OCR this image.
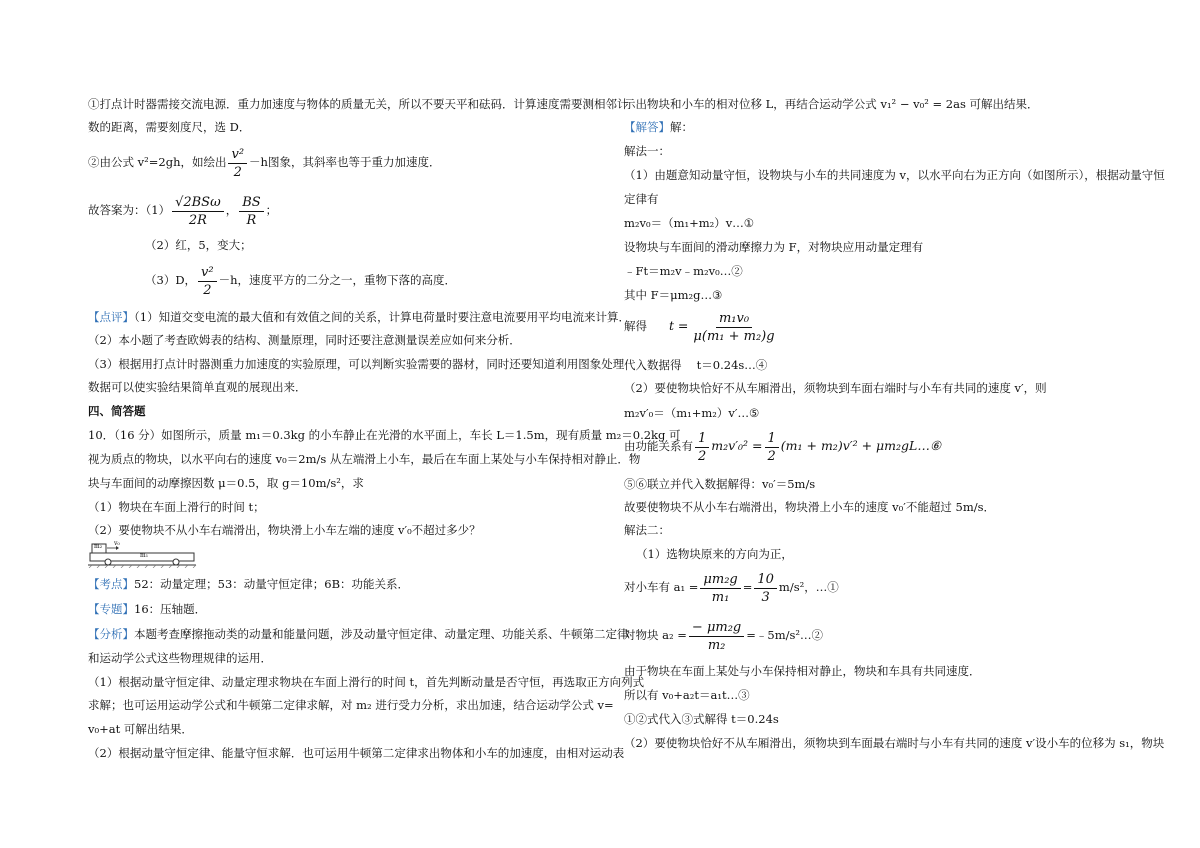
①打点计时器需接交流电源．重力加速度与物体的质量无关，所以不要天平和砝码．计算速度需要测相邻计
数的距离，需要刻度尺，选 D．
②由公式 v²=2gh，如绘出 $\frac{\text{v²}}{2} -h$图象，其斜率也等于重力加速度．
故答案为：$(1) \frac{\text{√2BSω}}{2R}$ ， $\frac{BS}{R}$ ；
（2）红，5，变大；
（3）D， $\frac{\text{v²}}{2} -h$，速度平方的二分之一，重物下落的高度．
【点评】（1）知道交变电流的最大值和有效值之间的关系，计算电荷量时要注意电流要用平均电流来计算．
（2）本小题了考查欧姆表的结构、测量原理，同时还要注意测量误差应如何来分析．
（3）根据用打点计时器测重力加速度的实验原理，可以判断实验需要的器材，同时还要知道利用图象处理
数据可以使实验结果简单直观的展现出来．
四、简答题
10．（16 分）如图所示，质量 m₁＝0.3kg 的小车静止在光滑的水平面上，车长 L＝1.5m，现有质量 m₂＝0.2kg 可
视为质点的物块，以水平向右的速度 v₀＝2m/s 从左端滑上小车，最后在车面上某处与小车保持相对静止．物
块与车面间的动摩擦因数 μ＝0.5，取 g＝10m/s²，求
（1）物块在车面上滑行的时间 t；
（2）要使物块不从小车右端滑出，物块滑上小车左端的速度 v′₀不超过多少？
m₂ v₀
m₁
【考点】52：动量定理；53：动量守恒定律；6B：功能关系．
【专题】16：压轴题．
【分析】本题考查摩擦拖动类的动量和能量问题，涉及动量守恒定律、动量定理、功能关系、牛顿第二定律
和运动学公式这些物理规律的运用．
（1）根据动量守恒定律、动量定理求物块在车面上滑行的时间 t，首先判断动量是否守恒，再选取正方向列式
求解；也可运用运动学公式和牛顿第二定律求解，对 m₂ 进行受力分析，求出加速，结合运动学公式 v=
v₀+at 可解出结果．
（2）根据动量守恒定律、能量守恒求解．也可运用牛顿第二定律求出物体和小车的加速度，由相对运动表
示出物块和小车的相对位移 L，再结合运动学公式 v₁² − v₀² = 2as 可解出结果．
【解答】解：
解法一：
（1）由题意知动量守恒，设物块与小车的共同速度为 v，以水平向右为正方向（如图所示），根据动量守恒
定律有
m₂v₀＝（m₁+m₂）v…①
设物块与车面间的滑动摩擦力为 F，对物块应用动量定理有
﹣Ft＝m₂v﹣m₂v₀…②
其中 F＝μm₂g…③
解得 $t = \frac{\text{m₁v₀}}{\text{μ(m₁ + m₂)g}}$
代入数据得　 t＝0.24s…④
（2）要使物块恰好不从车厢滑出，须物块到车面右端时与小车有共同的速度 v′，则
m₂v′₀＝（m₁+m₂）v′…⑤
由功能关系有 $\frac{1}{2} m_2v'_0^2 = \frac{1}{2} (m_1 + m_2)v'^2$ + μm₂gL…⑥
⑤⑥联立并代入数据解得：v₀′＝5m/s
故要使物块不从小车右端滑出，物块滑上小车的速度 v₀′不能超过 5m/s．
解法二：
（1）选物块原来的方向为正，
对小车有 $a_1 = \frac{\text{μm₂g}}{\text{m₁}} = \frac{10}{3} m/s^2$，…①
对物块 $a_2 = \frac{\text{− μm₂g}}{\text{m₂}}$ =﹣5m/s²…②
由于物块在车面上某处与小车保持相对静止，物块和车具有共同速度．
所以有 v₀+a₂t＝a₁t…③
①②式代入③式解得 t＝0.24s
（2）要使物块恰好不从车厢滑出，须物块到车面最右端时与小车有共同的速度 v′设小车的位移为 s₁，物块
